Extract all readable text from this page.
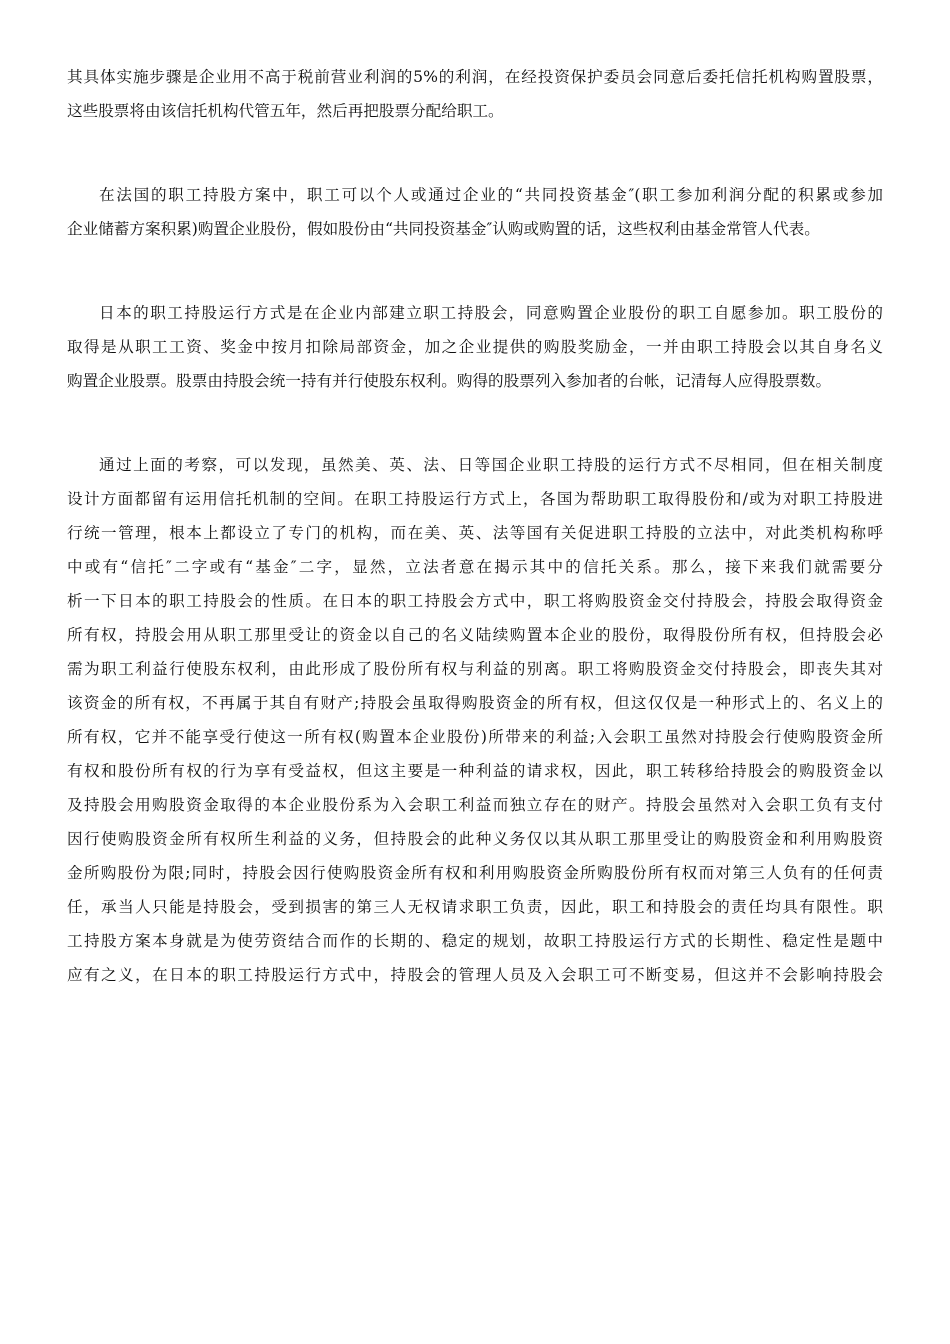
其具体实施步骤是企业用不高于税前营业利润的5%的利润，在经投资保护委员会同意后委托信托机构购置股票，
这些股票将由该信托机构代管五年，然后再把股票分配给职工。
在法国的职工持股方案中，职工可以个人或通过企业的“共同投资基金″(职工参加利润分配的积累或参加
企业储蓄方案积累)购置企业股份，假如股份由“共同投资基金″认购或购置的话，这些权利由基金常管人代表。
日本的职工持股运行方式是在企业内部建立职工持股会，同意购置企业股份的职工自愿参加。职工股份的
取得是从职工工资、奖金中按月扣除局部资金，加之企业提供的购股奖励金，一并由职工持股会以其自身名义
购置企业股票。股票由持股会统一持有并行使股东权利。购得的股票列入参加者的台帐，记清每人应得股票数。
通过上面的考察，可以发现，虽然美、英、法、日等国企业职工持股的运行方式不尽相同，但在相关制度
设计方面都留有运用信托机制的空间。在职工持股运行方式上，各国为帮助职工取得股份和/或为对职工持股进
行统一管理，根本上都设立了专门的机构，而在美、英、法等国有关促进职工持股的立法中，对此类机构称呼
中或有“信托″二字或有“基金″二字，显然，立法者意在揭示其中的信托关系。那么，接下来我们就需要分
析一下日本的职工持股会的性质。在日本的职工持股会方式中，职工将购股资金交付持股会，持股会取得资金
所有权，持股会用从职工那里受让的资金以自己的名义陆续购置本企业的股份，取得股份所有权，但持股会必
需为职工利益行使股东权利，由此形成了股份所有权与利益的别离。职工将购股资金交付持股会，即丧失其对
该资金的所有权，不再属于其自有财产;持股会虽取得购股资金的所有权，但这仅仅是一种形式上的、名义上的
所有权，它并不能享受行使这一所有权(购置本企业股份)所带来的利益;入会职工虽然对持股会行使购股资金所
有权和股份所有权的行为享有受益权，但这主要是一种利益的请求权，因此，职工转移给持股会的购股资金以
及持股会用购股资金取得的本企业股份系为入会职工利益而独立存在的财产。持股会虽然对入会职工负有支付
因行使购股资金所有权所生利益的义务，但持股会的此种义务仅以其从职工那里受让的购股资金和利用购股资
金所购股份为限;同时，持股会因行使购股资金所有权和利用购股资金所购股份所有权而对第三人负有的任何责
任，承当人只能是持股会，受到损害的第三人无权请求职工负责，因此，职工和持股会的责任均具有限性。职
工持股方案本身就是为使劳资结合而作的长期的、稳定的规划，故职工持股运行方式的长期性、稳定性是题中
应有之义，在日本的职工持股运行方式中，持股会的管理人员及入会职工可不断变易，但这并不会影响持股会
